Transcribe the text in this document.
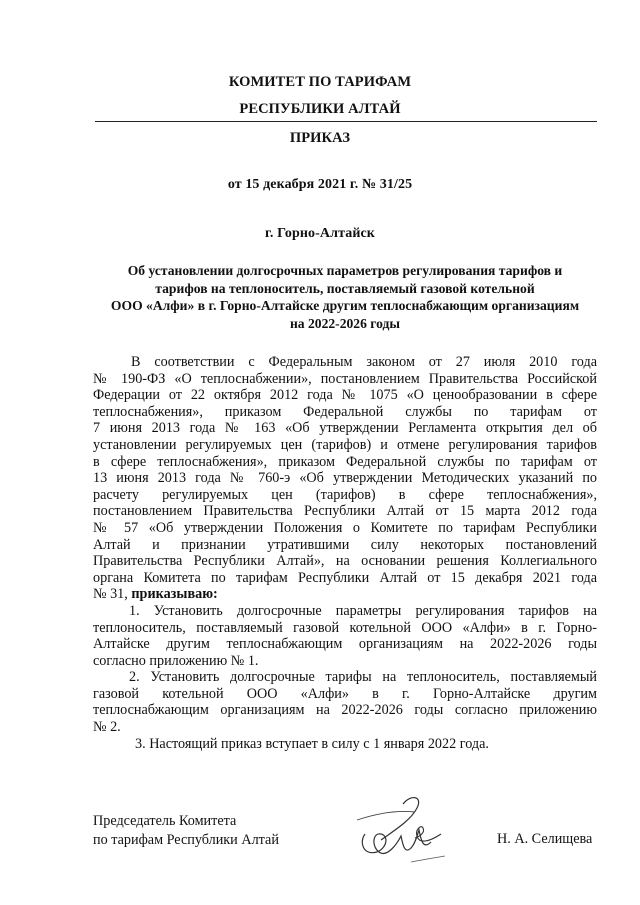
КОМИТЕТ ПО ТАРИФАМ
РЕСПУБЛИКИ АЛТАЙ
ПРИКАЗ
от 15 декабря 2021 г. № 31/25
г. Горно-Алтайск
Об установлении долгосрочных параметров регулирования тарифов и
тарифов на теплоноситель, поставляемый газовой котельной
ООО «Алфи» в г. Горно-Алтайске другим теплоснабжающим организациям
на 2022-2026 годы
В соответствии с Федеральным законом от 27 июля 2010 года
№ 190-ФЗ «О теплоснабжении», постановлением Правительства Российской
Федерации от 22 октября 2012 года № 1075 «О ценообразовании в сфере
теплоснабжения», приказом Федеральной службы по тарифам от
7 июня 2013 года № 163 «Об утверждении Регламента открытия дел об
установлении регулируемых цен (тарифов) и отмене регулирования тарифов
в сфере теплоснабжения», приказом Федеральной службы по тарифам от
13 июня 2013 года № 760-э «Об утверждении Методических указаний по
расчету регулируемых цен (тарифов) в сфере теплоснабжения»,
постановлением Правительства Республики Алтай от 15 марта 2012 года
№ 57 «Об утверждении Положения о Комитете по тарифам Республики
Алтай и признании утратившими силу некоторых постановлений
Правительства Республики Алтай», на основании решения Коллегиального
органа Комитета по тарифам Республики Алтай от 15 декабря 2021 года
№ 31, приказываю:
1. Установить долгосрочные параметры регулирования тарифов на
теплоноситель, поставляемый газовой котельной ООО «Алфи» в г. Горно-
Алтайске другим теплоснабжающим организациям на 2022-2026 годы
согласно приложению № 1.
2. Установить долгосрочные тарифы на теплоноситель, поставляемый
газовой котельной ООО «Алфи» в г. Горно-Алтайске другим
теплоснабжающим организациям на 2022-2026 годы согласно приложению
№ 2.
3. Настоящий приказ вступает в силу с 1 января 2022 года.
Председатель Комитета
по тарифам Республики Алтай	Н. А. Селищева
